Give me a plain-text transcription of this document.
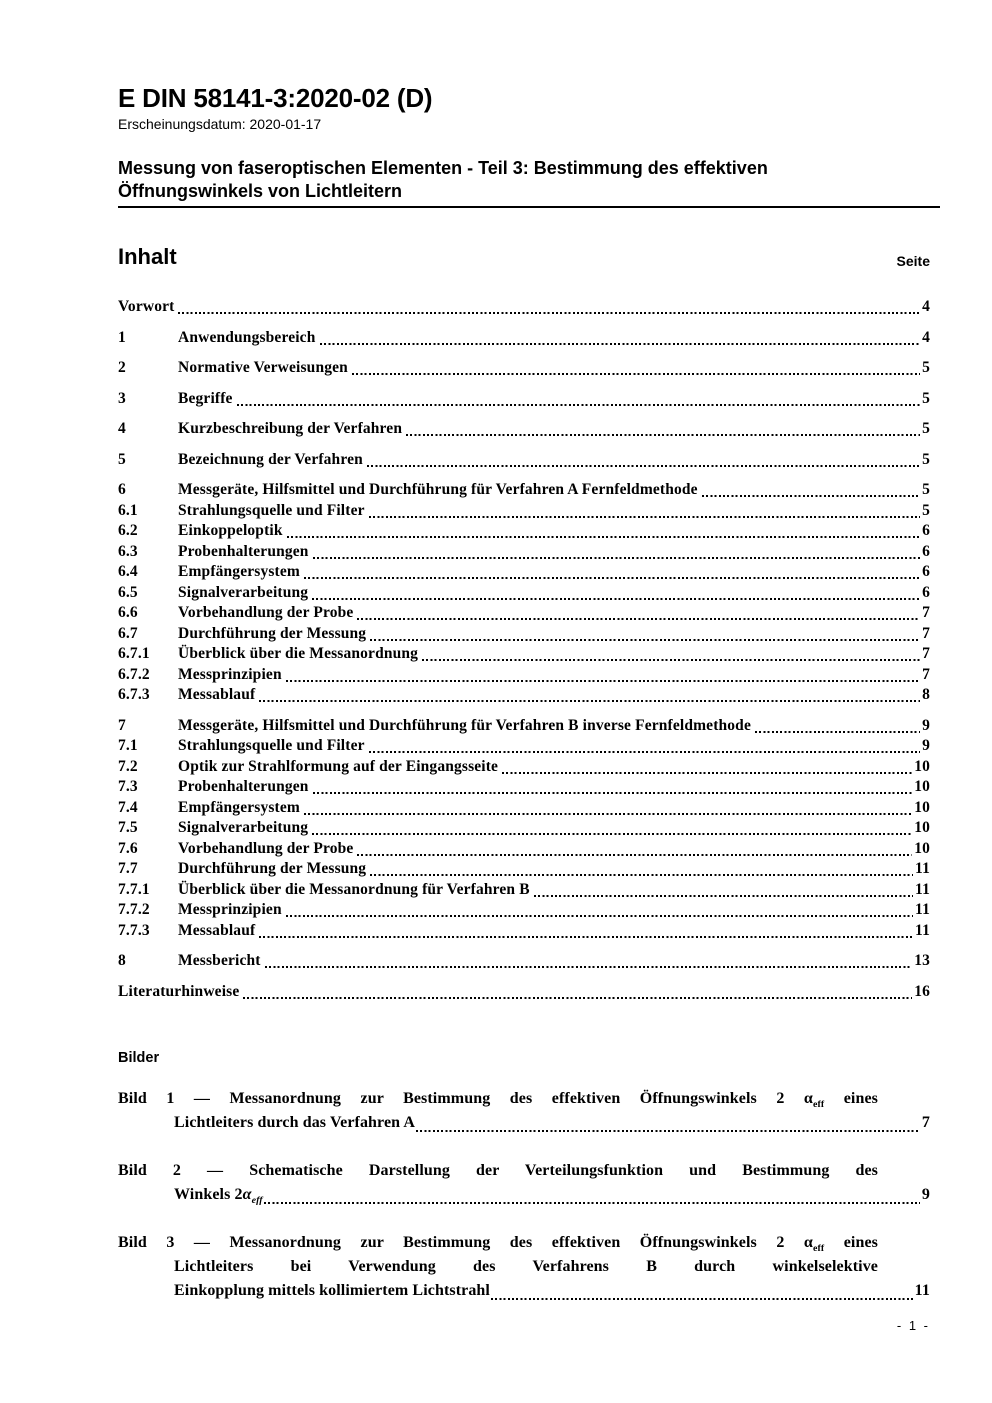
E DIN 58141-3:2020-02 (D)
Erscheinungsdatum: 2020-01-17
Messung von faseroptischen Elementen - Teil 3: Bestimmung des effektiven
Öffnungswinkels von Lichtleitern
Inhalt	Seite
Vorwort	4
1	Anwendungsbereich	4
2	Normative Verweisungen	5
3	Begriffe	5
4	Kurzbeschreibung der Verfahren	5
5	Bezeichnung der Verfahren	5
6	Messgeräte, Hilfsmittel und Durchführung für Verfahren A Fernfeldmethode	5
6.1	Strahlungsquelle und Filter	5
6.2	Einkoppeloptik	6
6.3	Probenhalterungen	6
6.4	Empfängersystem	6
6.5	Signalverarbeitung	6
6.6	Vorbehandlung der Probe	7
6.7	Durchführung der Messung	7
6.7.1	Überblick über die Messanordnung	7
6.7.2	Messprinzipien	7
6.7.3	Messablauf	8
7	Messgeräte, Hilfsmittel und Durchführung für Verfahren B inverse Fernfeldmethode	9
7.1	Strahlungsquelle und Filter	9
7.2	Optik zur Strahlformung auf der Eingangsseite	10
7.3	Probenhalterungen	10
7.4	Empfängersystem	10
7.5	Signalverarbeitung	10
7.6	Vorbehandlung der Probe	10
7.7	Durchführung der Messung	11
7.7.1	Überblick über die Messanordnung für Verfahren B	11
7.7.2	Messprinzipien	11
7.7.3	Messablauf	11
8	Messbericht	13
Literaturhinweise	16
Bilder
Bild 1 — Messanordnung zur Bestimmung des effektiven Öffnungswinkels 2 $\alpha_{eff}$ eines
Lichtleiters durch das Verfahren A	7
Bild 2 — Schematische Darstellung der Verteilungsfunktion und Bestimmung des
Winkels $2\alpha_{eff}$	9
Bild 3 — Messanordnung zur Bestimmung des effektiven Öffnungswinkels 2 $\alpha_{eff}$ eines
Lichtleiters bei Verwendung des Verfahrens B durch winkelselektive
Einkopplung mittels kollimiertem Lichtstrahl	11
- 1 -
